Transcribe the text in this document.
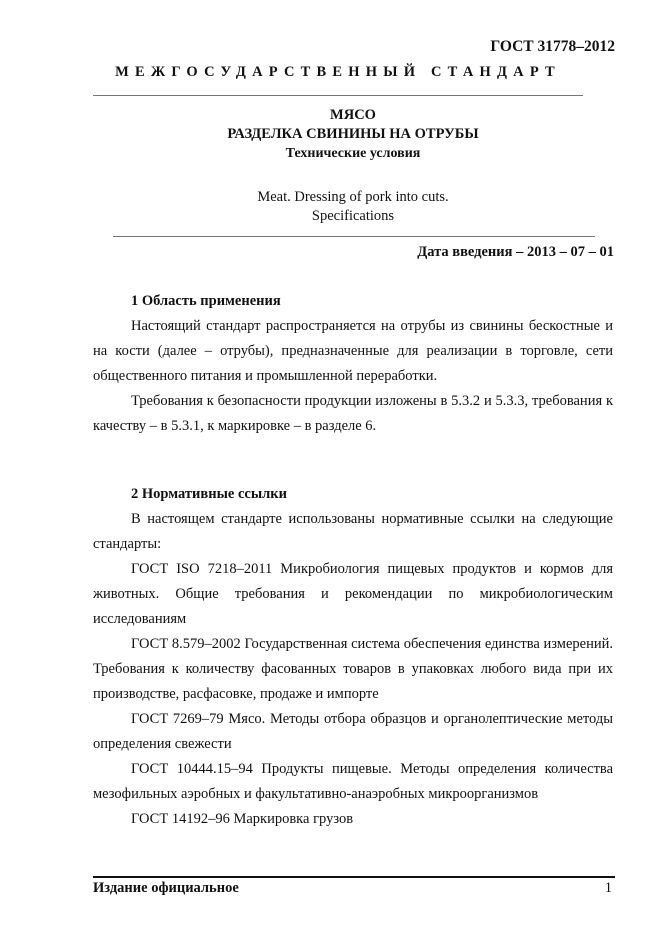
ГОСТ 31778–2012
МЕЖГОСУДАРСТВЕННЫЙ СТАНДАРТ
МЯСО
РАЗДЕЛКА СВИНИНЫ НА ОТРУБЫ
Технические условия
Meat. Dressing of pork into cuts.
Specifications
Дата введения – 2013 – 07 – 01

1 Область применения

Настоящий стандарт распространяется на отрубы из свинины бескостные и на кости (далее – отрубы), предназначенные для реализации в торговле, сети общественного питания и промышленной переработки.

Требования к безопасности продукции изложены в 5.3.2 и 5.3.3, требования к качеству – в 5.3.1, к маркировке – в разделе 6.

2 Нормативные ссылки

В настоящем стандарте использованы нормативные ссылки на следующие стандарты:

ГОСТ ISO 7218–2011 Микробиология пищевых продуктов и кормов для животных. Общие требования и рекомендации по микробиологическим исследованиям

ГОСТ 8.579–2002 Государственная система обеспечения единства измерений. Требования к количеству фасованных товаров в упаковках любого вида при их производстве, расфасовке, продаже и импорте

ГОСТ 7269–79 Мясо. Методы отбора образцов и органолептические методы определения свежести

ГОСТ 10444.15–94 Продукты пищевые. Методы определения количества мезофильных аэробных и факультативно-анаэробных микроорганизмов

ГОСТ 14192–96 Маркировка грузов

Издание официальное	1
